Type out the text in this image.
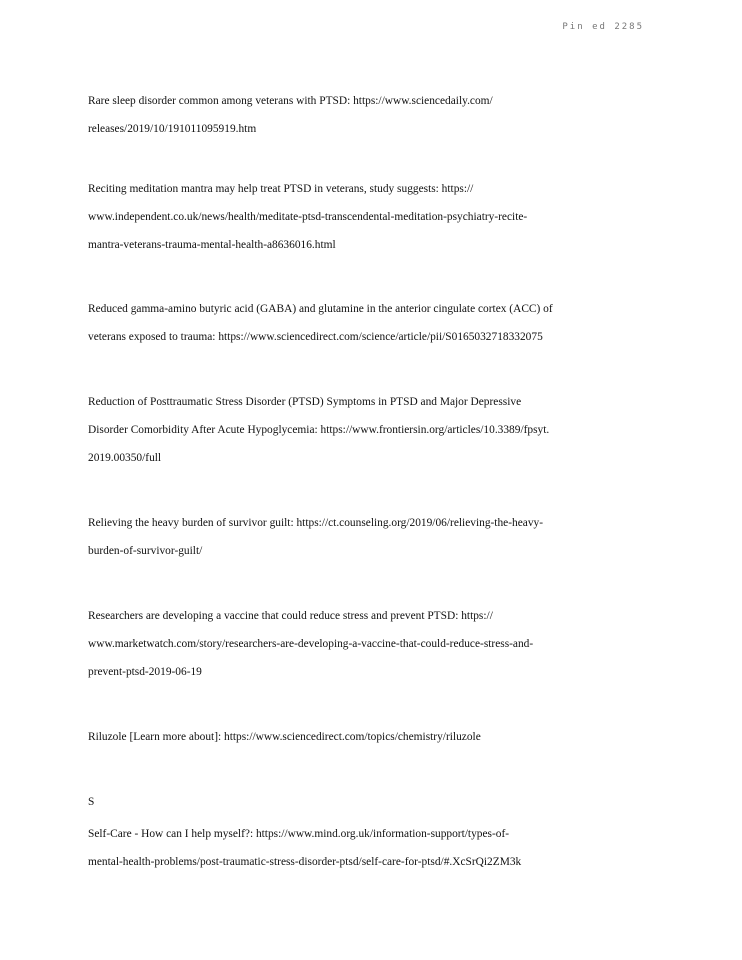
Pin ed 2285
Rare sleep disorder common among veterans with PTSD: https://www.sciencedaily.com/
releases/2019/10/191011095919.htm
Reciting meditation mantra may help treat PTSD in veterans, study suggests: https://
www.independent.co.uk/news/health/meditate-ptsd-transcendental-meditation-psychiatry-recite-
mantra-veterans-trauma-mental-health-a8636016.html
Reduced gamma-amino butyric acid (GABA) and glutamine in the anterior cingulate cortex (ACC) of
veterans exposed to trauma: https://www.sciencedirect.com/science/article/pii/S0165032718332075
Reduction of Posttraumatic Stress Disorder (PTSD) Symptoms in PTSD and Major Depressive
Disorder Comorbidity After Acute Hypoglycemia: https://www.frontiersin.org/articles/10.3389/fpsyt.
2019.00350/full
Relieving the heavy burden of survivor guilt: https://ct.counseling.org/2019/06/relieving-the-heavy-
burden-of-survivor-guilt/
Researchers are developing a vaccine that could reduce stress and prevent PTSD: https://
www.marketwatch.com/story/researchers-are-developing-a-vaccine-that-could-reduce-stress-and-
prevent-ptsd-2019-06-19
Riluzole [Learn more about]: https://www.sciencedirect.com/topics/chemistry/riluzole
S
Self-Care - How can I help myself?: https://www.mind.org.uk/information-support/types-of-
mental-health-problems/post-traumatic-stress-disorder-ptsd/self-care-for-ptsd/#.XcSrQi2ZM3k
